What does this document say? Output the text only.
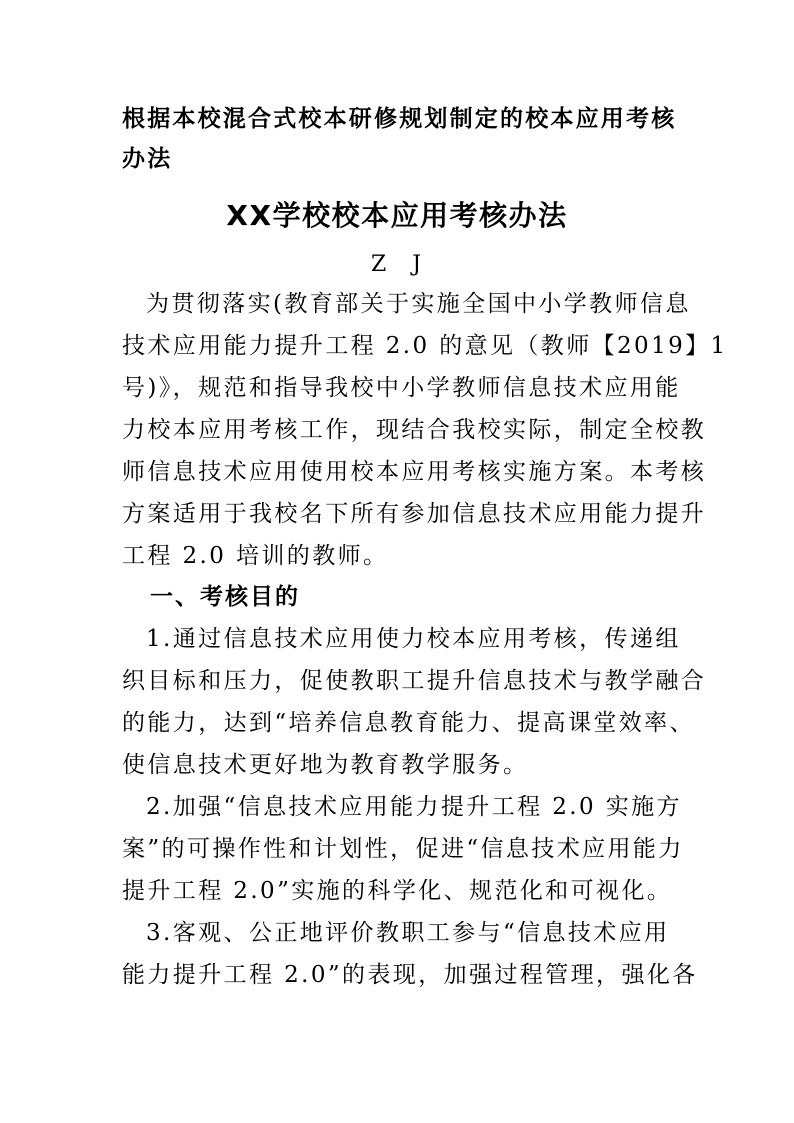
根据本校混合式校本研修规划制定的校本应用考核
办法
XX学校校本应用考核办法
Z　J
为贯彻落实(教育部关于实施全国中小学教师信息
技术应用能力提升工程 2.0 的意见（教师【2019】1
号)》，规范和指导我校中小学教师信息技术应用能
力校本应用考核工作，现结合我校实际，制定全校教
师信息技术应用使用校本应用考核实施方案。本考核
方案适用于我校名下所有参加信息技术应用能力提升
工程 2.0 培训的教师。
一、考核目的
1.通过信息技术应用使力校本应用考核，传递组
织目标和压力，促使教职工提升信息技术与教学融合
的能力，达到“培养信息教育能力、提高课堂效率、
使信息技术更好地为教育教学服务。
2.加强“信息技术应用能力提升工程 2.0 实施方
案”的可操作性和计划性，促进“信息技术应用能力
提升工程 2.0”实施的科学化、规范化和可视化。
3.客观、公正地评价教职工参与“信息技术应用
能力提升工程 2.0”的表现，加强过程管理，强化各
